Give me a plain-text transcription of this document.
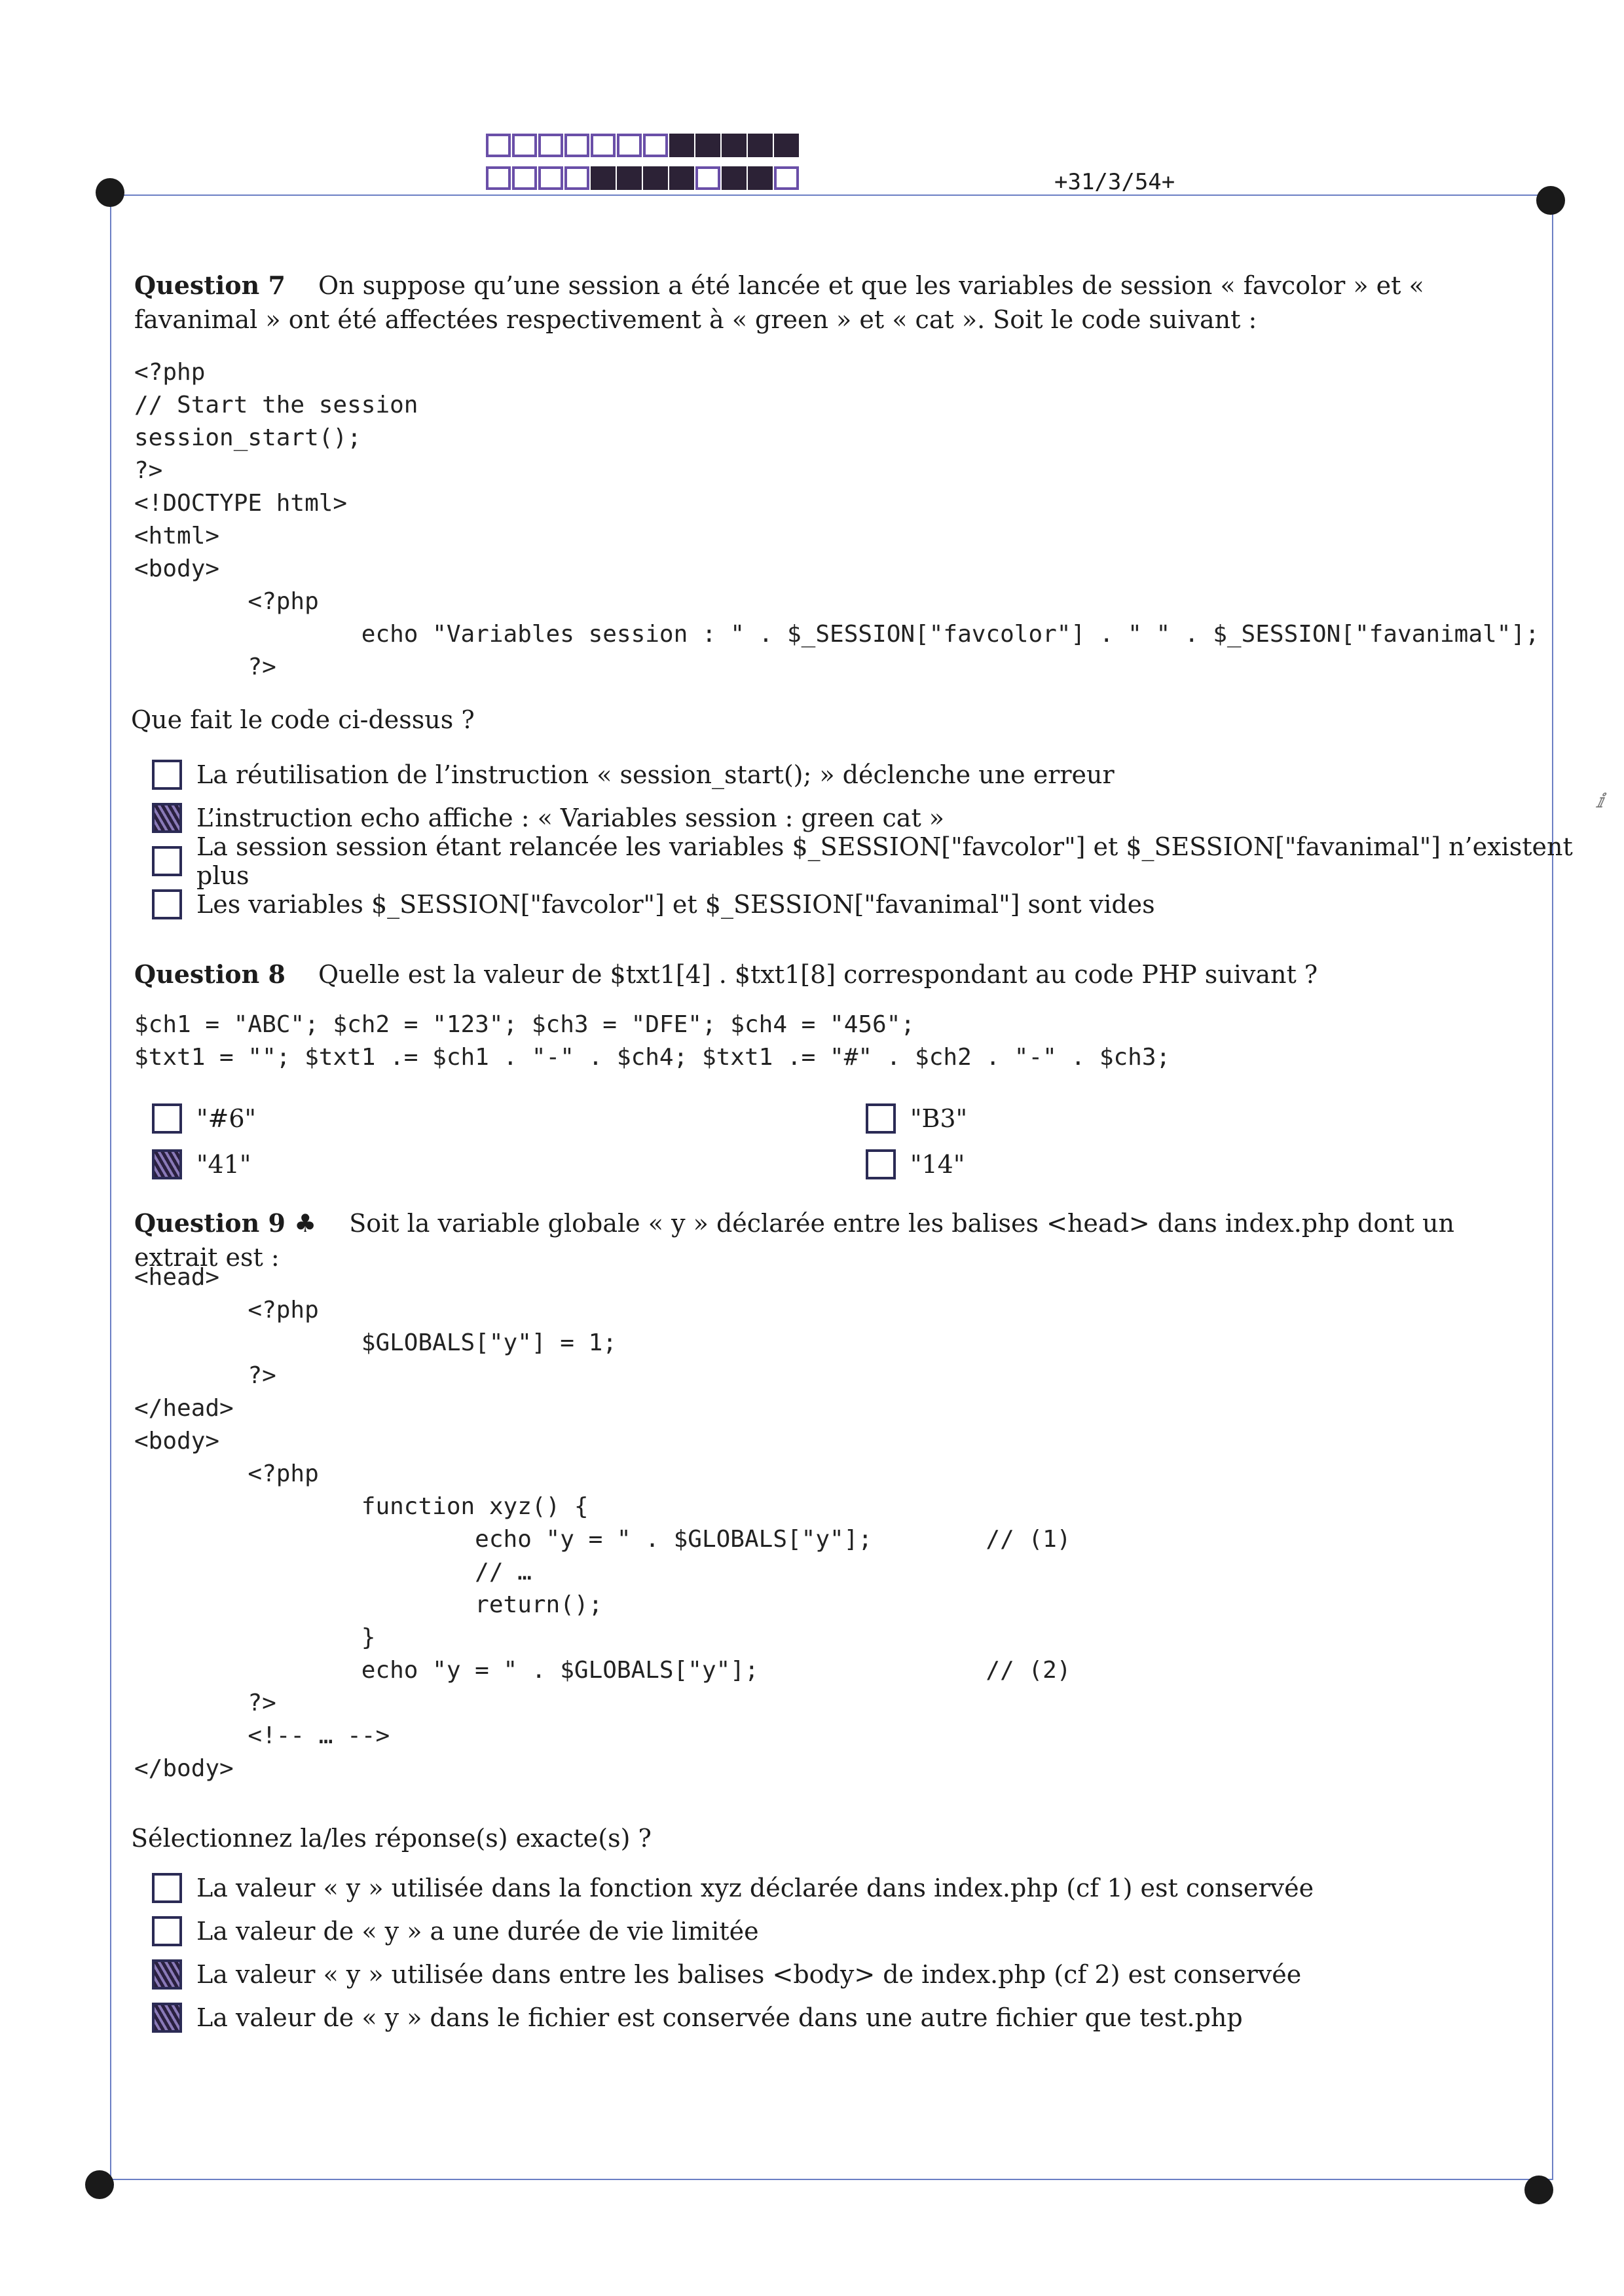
+31/3/54+
ⅈ
Question 7 On suppose qu’une session a été lancée et que les variables de session « favcolor » et « favanimal » ont été affectées respectivement à « green » et « cat ». Soit le code suivant :
<?php
// Start the session
session_start();
?>
<!DOCTYPE html>
<html>
<body>
<?php
echo "Variables session : " . $_SESSION["favcolor"] . " " . $_SESSION["favanimal"];
?>
Que fait le code ci-dessus ?
La réutilisation de l’instruction « session_start(); » déclenche une erreur
L’instruction echo affiche : « Variables session : green cat »
La session session étant relancée les variables $_SESSION["favcolor"] et $_SESSION["favanimal"] n’existent plus
Les variables $_SESSION["favcolor"] et $_SESSION["favanimal"] sont vides
Question 8 Quelle est la valeur de $txt1[4] . $txt1[8] correspondant au code PHP suivant ?
$ch1 = "ABC"; $ch2 = "123"; $ch3 = "DFE"; $ch4 = "456";
$txt1 = ""; $txt1 .= $ch1 . "-" . $ch4; $txt1 .= "#" . $ch2 . "-" . $ch3;
"#6"	"B3"
"41"	"14"
Question 9 ♣ Soit la variable globale « y » déclarée entre les balises <head> dans index.php dont un extrait est :
<head>
<?php
$GLOBALS["y"] = 1;
?>
</head>
<body>
<?php
function xyz() {
echo "y = " . $GLOBALS["y"];        // (1)
// …
return();
}
echo "y = " . $GLOBALS["y"];                // (2)
?>
<!-- … -->
</body>
Sélectionnez la/les réponse(s) exacte(s) ?
La valeur « y » utilisée dans la fonction xyz déclarée dans index.php (cf 1) est conservée
La valeur de « y » a une durée de vie limitée
La valeur « y » utilisée dans entre les balises <body> de index.php (cf 2) est conservée
La valeur de « y » dans le fichier est conservée dans une autre fichier que test.php
